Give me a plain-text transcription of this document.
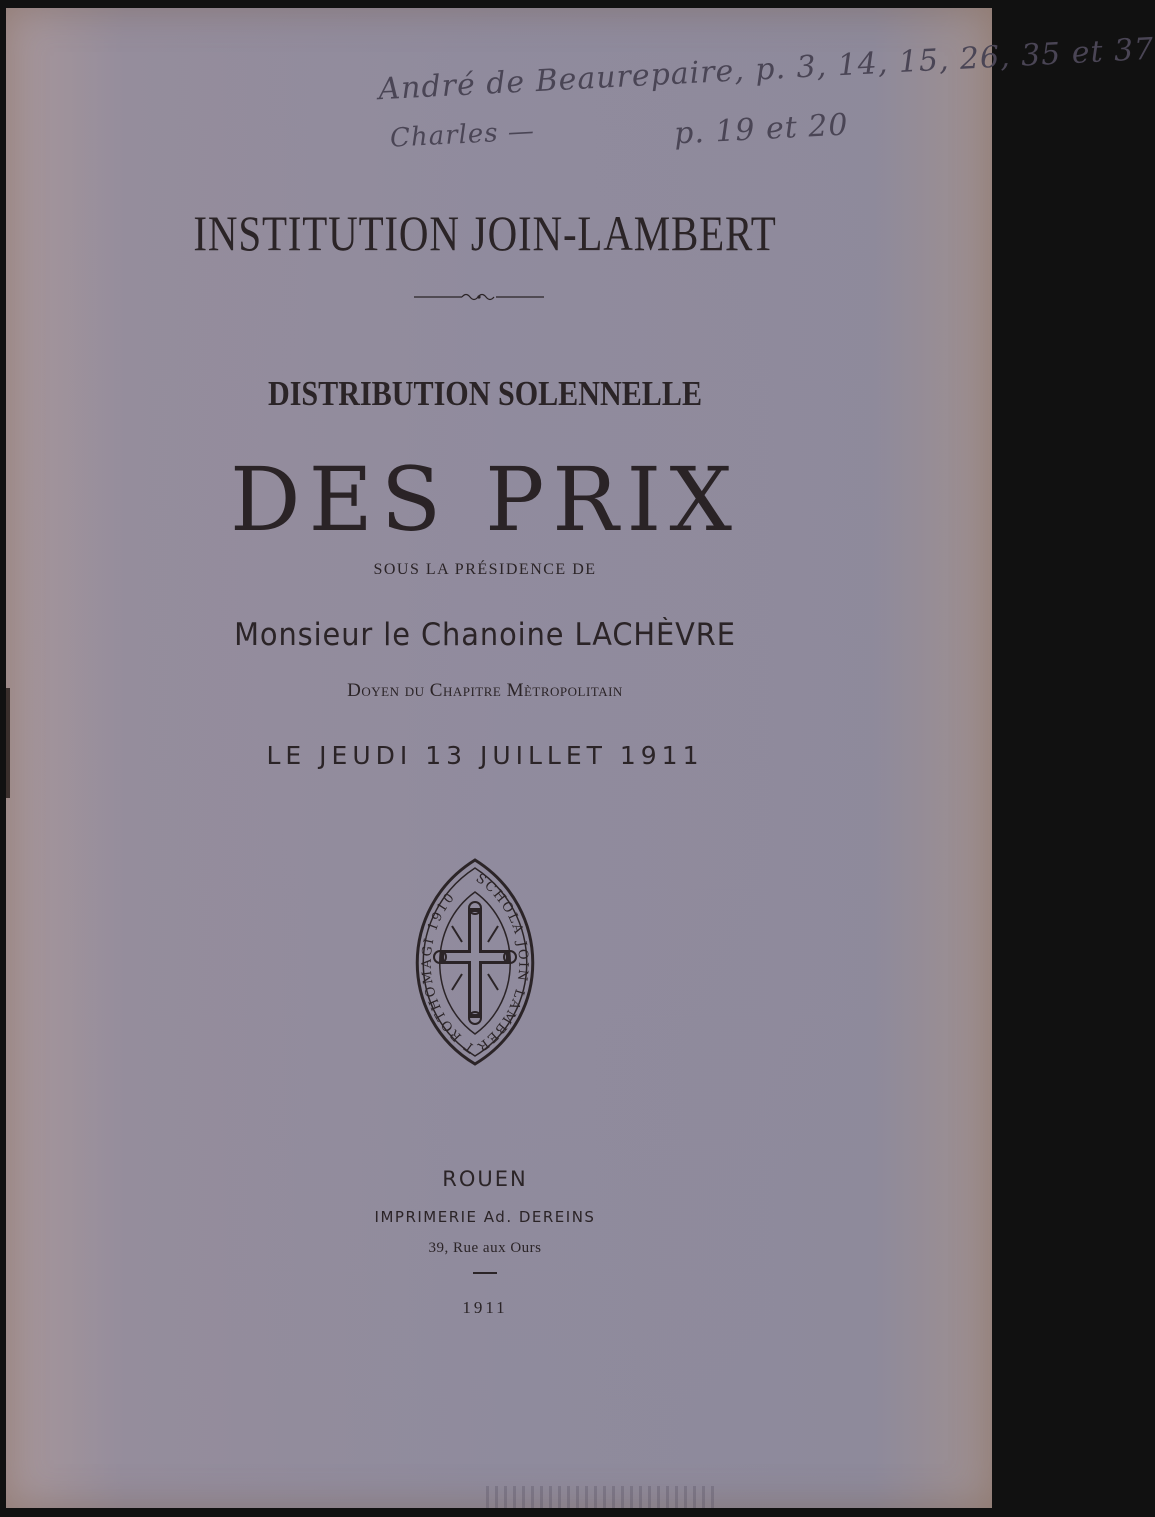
André de Beaurepaire, p. 3, 14, 15, 26, 35 et 37
Charles —	p. 19 et 20
INSTITUTION JOIN-LAMBERT
DISTRIBUTION SOLENNELLE
DES PRIX
SOUS LA PRÉSIDENCE DE
Monsieur le Chanoine LACHÈVRE
Doyen du Chapitre Mètropolitain
LE JEUDI 13 JUILLET 1911
SCHOLA JOIN LAMBERT ROTHOMAGI 1910
ROUEN
IMPRIMERIE Ad. DEREINS
39, Rue aux Ours
1911
